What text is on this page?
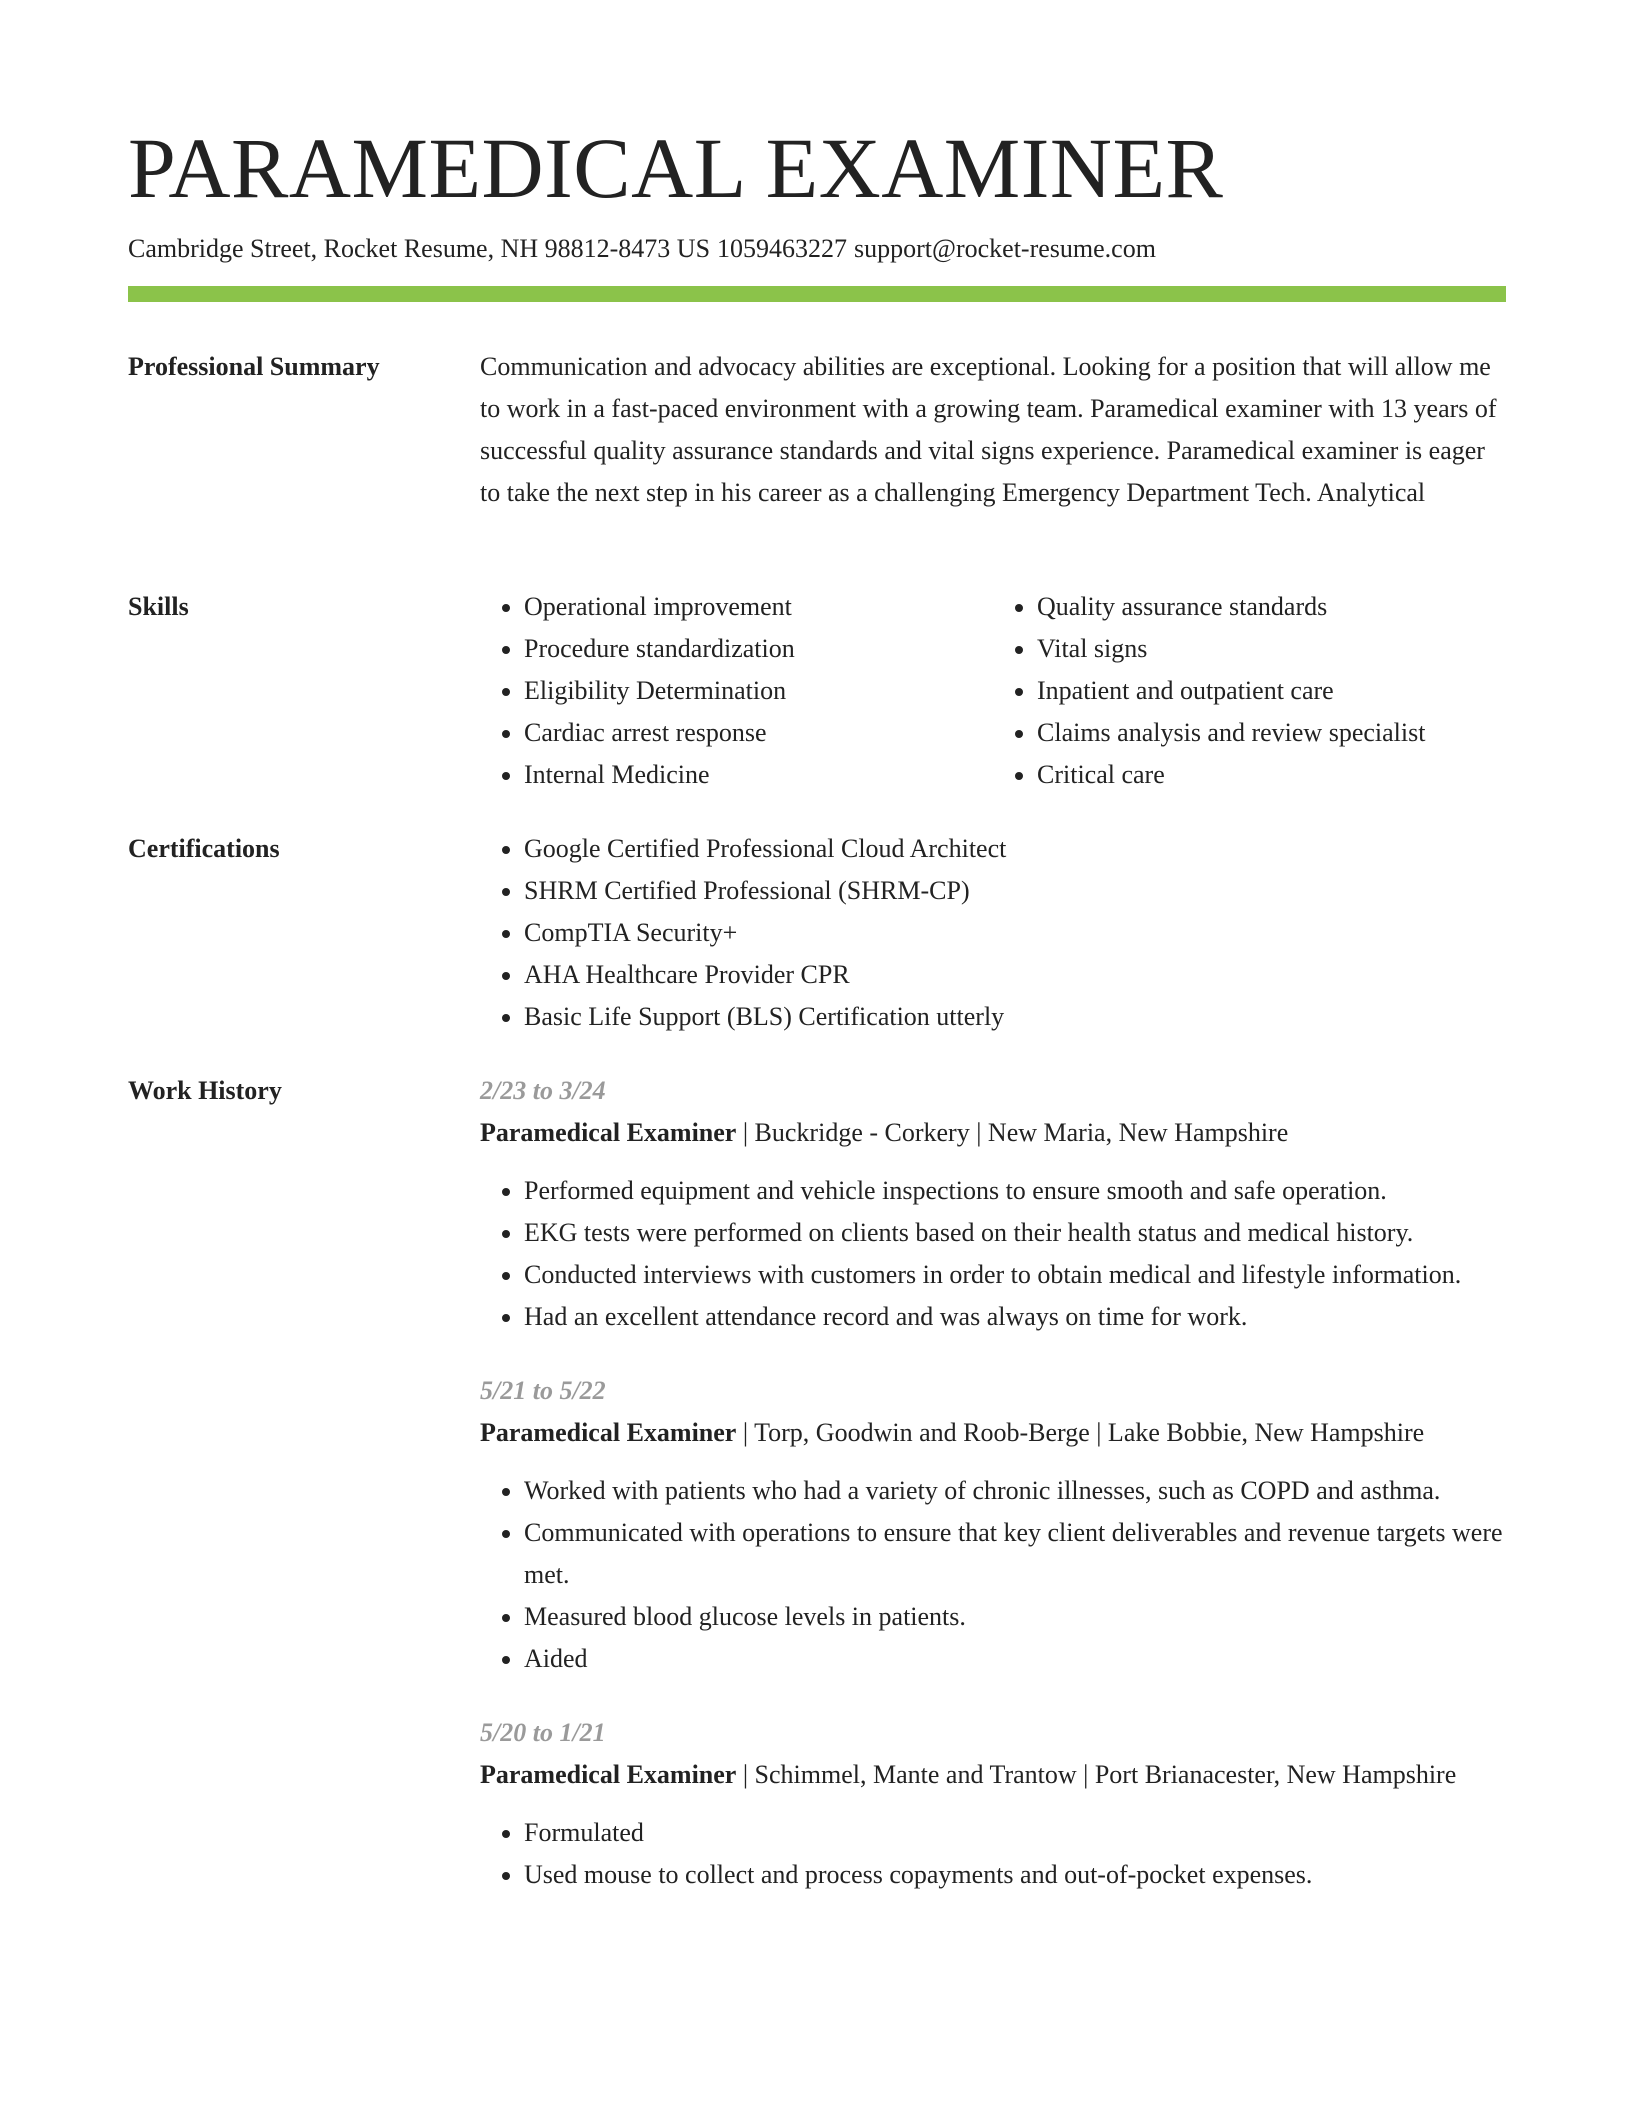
PARAMEDICAL EXAMINER
Cambridge Street, Rocket Resume, NH 98812-8473 US 1059463227 support@rocket-resume.com
Professional Summary	Communication and advocacy abilities are exceptional. Looking for a position that will allow me to work in a fast-paced environment with a growing team. Paramedical examiner with 13 years of successful quality assurance standards and vital signs experience. Paramedical examiner is eager to take the next step in his career as a challenging Emergency Department Tech. Analytical

Skills	• Operational improvement
• Procedure standardization
• Eligibility Determination
• Cardiac arrest response
• Internal Medicine
• Quality assurance standards
• Vital signs
• Inpatient and outpatient care
• Claims analysis and review specialist
• Critical care
Certifications	• Google Certified Professional Cloud Architect
• SHRM Certified Professional (SHRM-CP)
• CompTIA Security+
• AHA Healthcare Provider CPR
• Basic Life Support (BLS) Certification utterly
Work History	2/23 to 3/24

Paramedical Examiner | Buckridge - Corkery | New Maria, New Hampshire

• Performed equipment and vehicle inspections to ensure smooth and safe operation.
• EKG tests were performed on clients based on their health status and medical history.
• Conducted interviews with customers in order to obtain medical and lifestyle information.
• Had an excellent attendance record and was always on time for work.

5/21 to 5/22

Paramedical Examiner | Torp, Goodwin and Roob-Berge | Lake Bobbie, New Hampshire

• Worked with patients who had a variety of chronic illnesses, such as COPD and asthma.
• Communicated with operations to ensure that key client deliverables and revenue targets were met.
• Measured blood glucose levels in patients.
• Aided

5/20 to 1/21

Paramedical Examiner | Schimmel, Mante and Trantow | Port Brianacester, New Hampshire

• Formulated
• Used mouse to collect and process copayments and out-of-pocket expenses.
